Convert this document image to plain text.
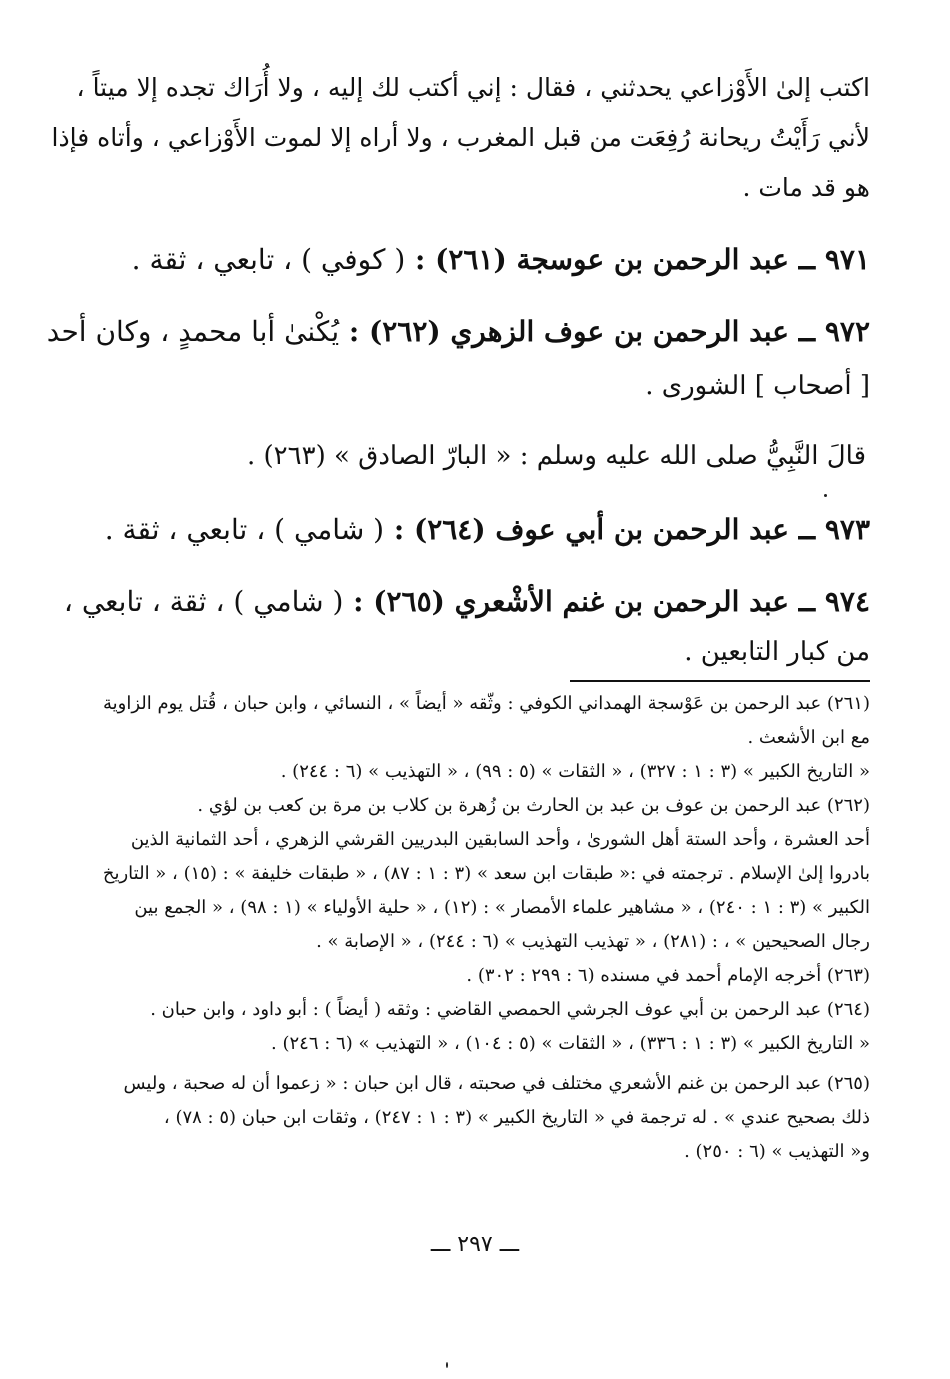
اكتب إلىٰ الأَوْزاعي يحدثني ، فقال : إني أكتب لك إليه ، ولا أُرَاك تجده إلا ميتاً ،
لأني رَأَيْتُ ريحانة رُفِعَت من قبل المغرب ، ولا أراه إلا لموت الأَوْزاعي ، وأتاه فإذا
هو قد مات .
٩٧١ ــ عبد الرحمن بن عوسجة (٢٦١) : ( كوفي ) ، تابعي ، ثقة .
٩٧٢ ــ عبد الرحمن بن عوف الزهري (٢٦٢) : يُكْنىٰ أبا محمدٍ ، وكان أحد
[ أصحاب ] الشورى .
قالَ النَّبِيُّ صلى الله عليه وسلم : « البارّ الصادق » (٢٦٣) .
٩٧٣ ــ عبد الرحمن بن أبي عوف (٢٦٤) : ( شامي ) ، تابعي ، ثقة .
٩٧٤ ــ عبد الرحمن بن غنم الأشْعري (٢٦٥) : ( شامي ) ، ثقة ، تابعي ،
من كبار التابعين .
(٢٦١) عبد الرحمن بن عَوْسجة الهمداني الكوفي : وثّقه « أيضاً » ، النسائي ، وابن حبان ، قُتل يوم الزاوية
مع ابن الأشعث .
« التاريخ الكبير » (٣ : ١ : ٣٢٧) ، « الثقات » (٥ : ٩٩) ، « التهذيب » (٦ : ٢٤٤) .
(٢٦٢) عبد الرحمن بن عوف بن عبد بن الحارث بن زُهرة بن كلاب بن مرة بن كعب بن لؤي .
أحد العشرة ، وأحد الستة أهل الشورىٰ ، وأحد السابقين البدريين القرشي الزهري ، أحد الثمانية الذين
بادروا إلىٰ الإسلام . ترجمته في :« طبقات ابن سعد » (٣ : ١ : ٨٧) ، « طبقات خليفة » : (١٥) ، « التاريخ
الكبير » (٣ : ١ : ٢٤٠) ، « مشاهير علماء الأمصار » : (١٢) ، « حلية الأولياء » (١ : ٩٨) ، « الجمع بين
رجال الصحيحين » ، : (٢٨١) ، « تهذيب التهذيب » (٦ : ٢٤٤) ، « الإصابة » .
(٢٦٣) أخرجه الإمام أحمد في مسنده (٦ : ٢٩٩ : ٣٠٢) .
(٢٦٤) عبد الرحمن بن أبي عوف الجرشي الحمصي القاضي : وثقه ( أيضاً ) : أبو داود ، وابن حبان .
« التاريخ الكبير » (٣ : ١ : ٣٣٦) ، « الثقات » (٥ : ١٠٤) ، « التهذيب » (٦ : ٢٤٦) .
(٢٦٥) عبد الرحمن بن غنم الأشعري مختلف في صحبته ، قال ابن حبان : « زعموا أن له صحبة ، وليس
ذلك بصحيح عندي » . له ترجمة في « التاريخ الكبير » (٣ : ١ : ٢٤٧) ، وثقات ابن حبان (٥ : ٧٨) ،
و« التهذيب » (٦ : ٢٥٠) .
ـــ ٢٩٧ ـــ
